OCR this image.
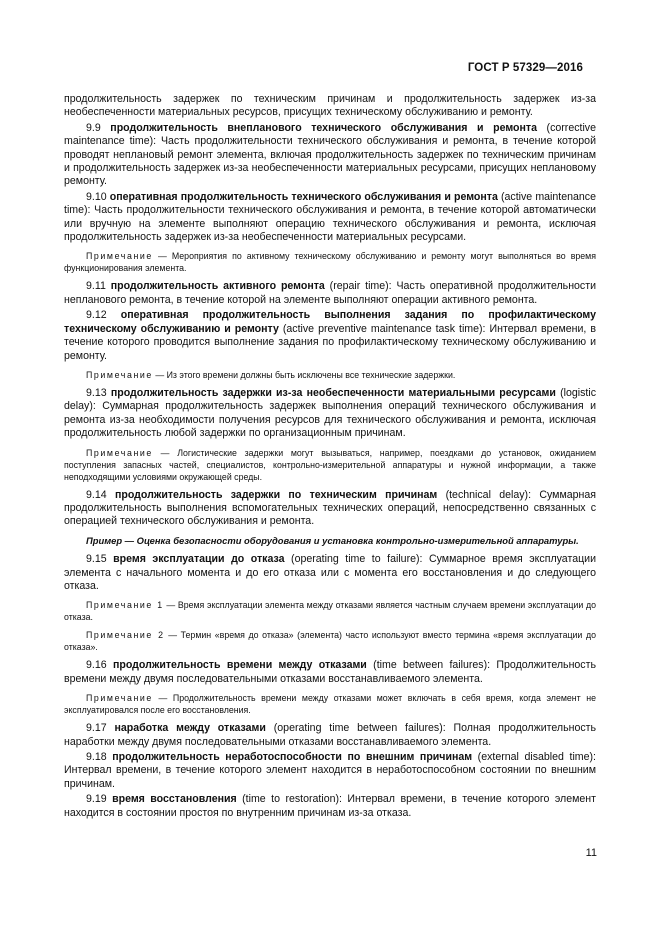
ГОСТ Р 57329—2016

продолжительность задержек по техническим причинам и продолжительность задержек из-за необеспеченности материальных ресурсов, присущих техническому обслуживанию и ремонту.

9.9 продолжительность внепланового технического обслуживания и ремонта (corrective maintenance time): Часть продолжительности технического обслуживания и ремонта, в течение которой проводят неплановый ремонт элемента, включая продолжительность задержек по техническим причинам и продолжительность задержек из-за необеспеченности материальных ресурсами, присущих неплановому ремонту.

9.10 оперативная продолжительность технического обслуживания и ремонта (active maintenance time): Часть продолжительности технического обслуживания и ремонта, в течение которой автоматически или вручную на элементе выполняют операцию технического обслуживания и ремонта, исключая продолжительность задержек из-за необеспеченности материальных ресурсами.

Примечание — Мероприятия по активному техническому обслуживанию и ремонту могут выполняться во время функционирования элемента.

9.11 продолжительность активного ремонта (repair time): Часть оперативной продолжительности непланового ремонта, в течение которой на элементе выполняют операции активного ремонта.

9.12 оперативная продолжительность выполнения задания по профилактическому техническому обслуживанию и ремонту (active preventive maintenance task time): Интервал времени, в течение которого проводится выполнение задания по профилактическому техническому обслуживанию и ремонту.

Примечание — Из этого времени должны быть исключены все технические задержки.

9.13 продолжительность задержки из-за необеспеченности материальными ресурсами (logistic delay): Суммарная продолжительность задержек выполнения операций технического обслуживания и ремонта из-за необходимости получения ресурсов для технического обслуживания и ремонта, исключая продолжительность любой задержки по организационным причинам.

Примечание — Логистические задержки могут вызываться, например, поездками до установок, ожиданием поступления запасных частей, специалистов, контрольно-измерительной аппаратуры и нужной информации, а также неподходящими условиями окружающей среды.

9.14 продолжительность задержки по техническим причинам (technical delay): Суммарная продолжительность выполнения вспомогательных технических операций, непосредственно связанных с операцией технического обслуживания и ремонта.

Пример — Оценка безопасности оборудования и установка контрольно-измерительной аппаратуры.

9.15 время эксплуатации до отказа (operating time to failure): Суммарное время эксплуатации элемента с начального момента и до его отказа или с момента его восстановления и до следующего отказа.

Примечание 1 — Время эксплуатации элемента между отказами является частным случаем времени эксплуатации до отказа.

Примечание 2 — Термин «время до отказа» (элемента) часто используют вместо термина «время эксплуатации до отказа».

9.16 продолжительность времени между отказами (time between failures): Продолжительность времени между двумя последовательными отказами восстанавливаемого элемента.

Примечание — Продолжительность времени между отказами может включать в себя время, когда элемент не эксплуатировался после его восстановления.

9.17 наработка между отказами (operating time between failures): Полная продолжительность наработки между двумя последовательными отказами восстанавливаемого элемента.

9.18 продолжительность неработоспособности по внешним причинам (external disabled time): Интервал времени, в течение которого элемент находится в неработоспособном состоянии по внешним причинам.

9.19 время восстановления (time to restoration): Интервал времени, в течение которого элемент находится в состоянии простоя по внутренним причинам из-за отказа.

11
